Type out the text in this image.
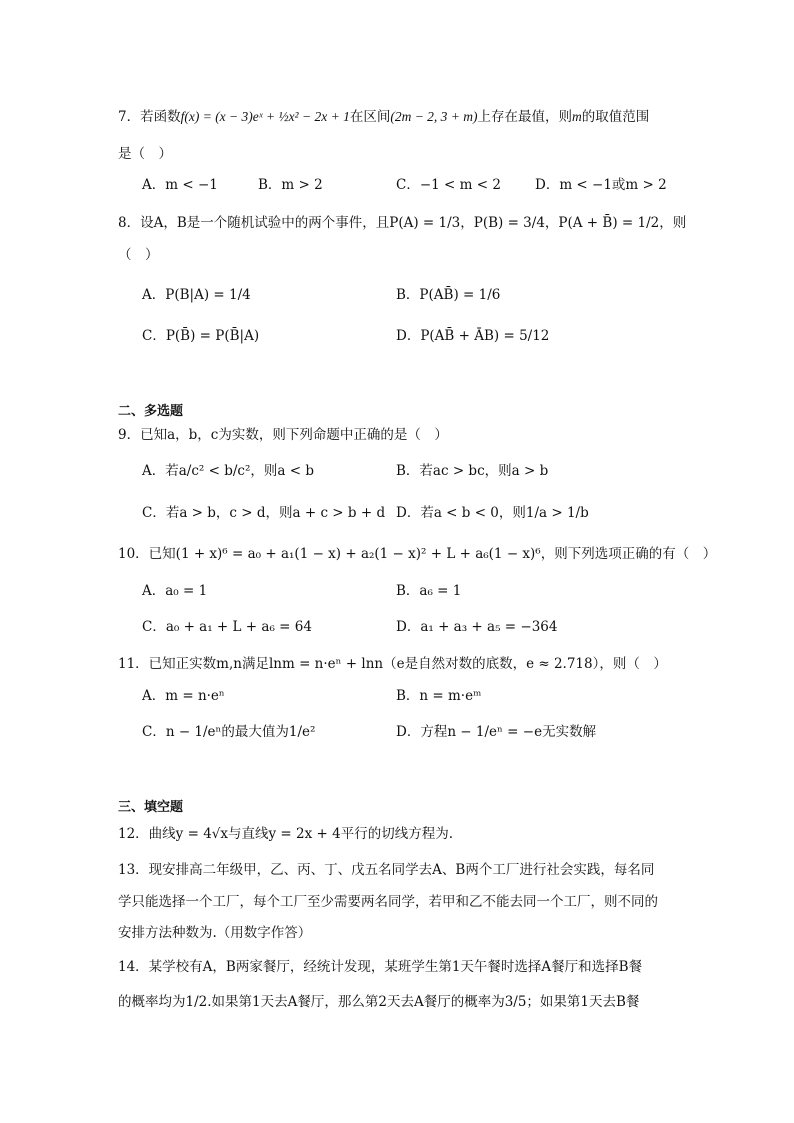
7．若函数f(x) = (x − 3)eˣ + ½x² − 2x + 1在区间(2m − 2, 3 + m)上存在最值，则m的取值范围
是（　）
A．m < −1	B．m > 2	C．−1 < m < 2	D．m < −1或m > 2
8．设A，B是一个随机试验中的两个事件，且P(A) = 1/3，P(B) = 3/4，P(A + B̄) = 1/2，则
（　）
A．P(B|A) = 1/4	B．P(AB̄) = 1/6
C．P(B̄) = P(B̄|A)	D．P(AB̄ + ĀB) = 5/12
二、多选题
9．已知a，b，c为实数，则下列命题中正确的是（　）
A．若a/c² < b/c²，则a < b	B．若ac > bc，则a > b
C．若a > b，c > d，则a + c > b + d D．若a < b < 0，则1/a > 1/b
10．已知(1 + x)⁶ = a₀ + a₁(1 − x) + a₂(1 − x)² + L + a₆(1 − x)⁶，则下列选项正确的有（　）
A．a₀ = 1	B．a₆ = 1
C．a₀ + a₁ + L + a₆ = 64	D．a₁ + a₃ + a₅ = −364
11．已知正实数m,n满足lnm = n·eⁿ + lnn（e是自然对数的底数，e ≈ 2.718），则（　）
A．m = n·eⁿ	B．n = m·eᵐ
C．n − 1/eⁿ的最大值为1/e²	D．方程n − 1/eⁿ = −e无实数解
三、填空题
12．曲线y = 4√x与直线y = 2x + 4平行的切线方程为.
13．现安排高二年级甲，乙、丙、丁、戊五名同学去A、B两个工厂进行社会实践，每名同
学只能选择一个工厂，每个工厂至少需要两名同学，若甲和乙不能去同一个工厂，则不同的
安排方法种数为.（用数字作答）
14．某学校有A，B两家餐厅，经统计发现，某班学生第1天午餐时选择A餐厅和选择B餐
的概率均为1/2.如果第1天去A餐厅，那么第2天去A餐厅的概率为3/5；如果第1天去B餐
